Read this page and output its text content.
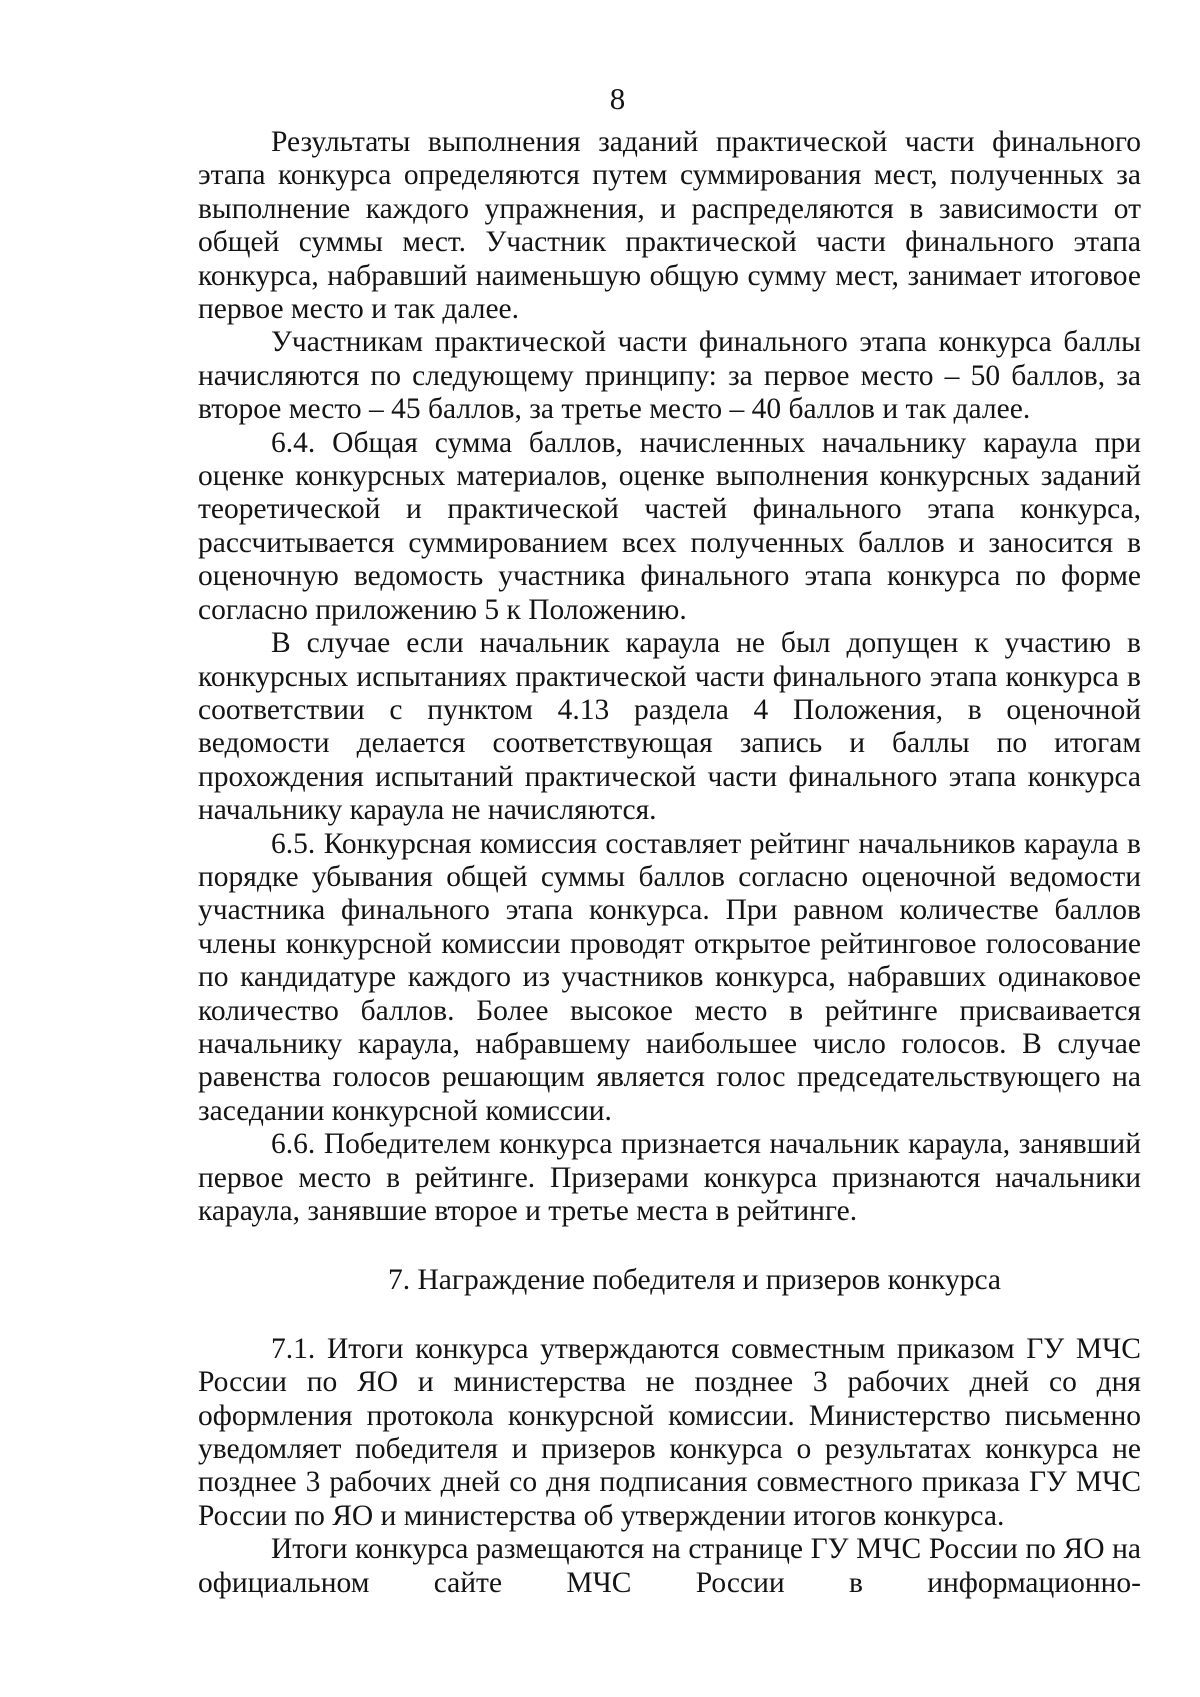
8

Результаты выполнения заданий практической части финального этапа конкурса определяются путем суммирования мест, полученных за выполнение каждого упражнения, и распределяются в зависимости от общей суммы мест. Участник практической части финального этапа конкурса, набравший наименьшую общую сумму мест, занимает итоговое первое место и так далее.

Участникам практической части финального этапа конкурса баллы начисляются по следующему принципу: за первое место – 50 баллов, за второе место – 45 баллов, за третье место – 40 баллов и так далее.

6.4. Общая сумма баллов, начисленных начальнику караула при оценке конкурсных материалов, оценке выполнения конкурсных заданий теоретической и практической частей финального этапа конкурса, рассчитывается суммированием всех полученных баллов и заносится в оценочную ведомость участника финального этапа конкурса по форме согласно приложению 5 к Положению.

В случае если начальник караула не был допущен к участию в конкурсных испытаниях практической части финального этапа конкурса в соответствии с пунктом 4.13 раздела 4 Положения, в оценочной ведомости делается соответствующая запись и баллы по итогам прохождения испытаний практической части финального этапа конкурса начальнику караула не начисляются.

6.5. Конкурсная комиссия составляет рейтинг начальников караула в порядке убывания общей суммы баллов согласно оценочной ведомости участника финального этапа конкурса. При равном количестве баллов члены конкурсной комиссии проводят открытое рейтинговое голосование по кандидатуре каждого из участников конкурса, набравших одинаковое количество баллов. Более высокое место в рейтинге присваивается начальнику караула, набравшему наибольшее число голосов. В случае равенства голосов решающим является голос председательствующего на заседании конкурсной комиссии.

6.6. Победителем конкурса признается начальник караула, занявший первое место в рейтинге. Призерами конкурса признаются начальники караула, занявшие второе и третье места в рейтинге.

7. Награждение победителя и призеров конкурса

7.1. Итоги конкурса утверждаются совместным приказом ГУ МЧС России по ЯО и министерства не позднее 3 рабочих дней со дня оформления протокола конкурсной комиссии. Министерство письменно уведомляет победителя и призеров конкурса о результатах конкурса не позднее 3 рабочих дней со дня подписания совместного приказа ГУ МЧС России по ЯО и министерства об утверждении итогов конкурса.

Итоги конкурса размещаются на странице ГУ МЧС России по ЯО на официальном сайте МЧС России в информационно-
